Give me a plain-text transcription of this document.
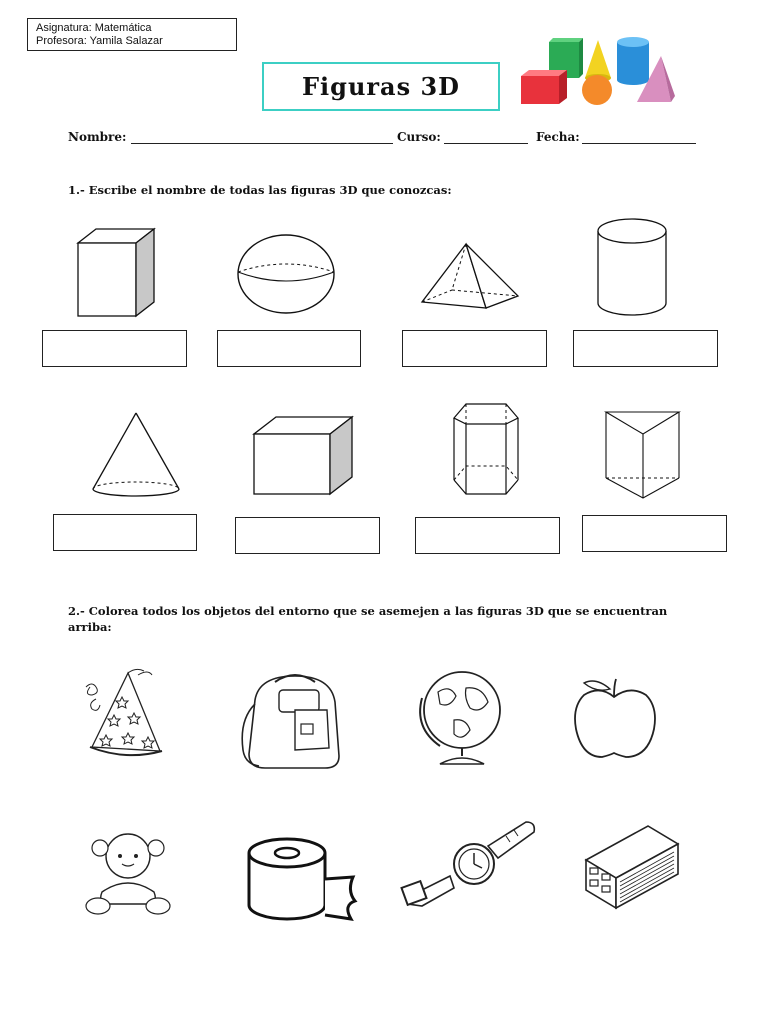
Asignatura: Matemática
Profesora: Yamila Salazar
Figuras 3D
Nombre:	Curso:	Fecha:
1.- Escribe el nombre de todas las figuras 3D que conozcas:
2.- Colorea todos los objetos del entorno que se asemejen a las figuras 3D que se encuentran
arriba:
